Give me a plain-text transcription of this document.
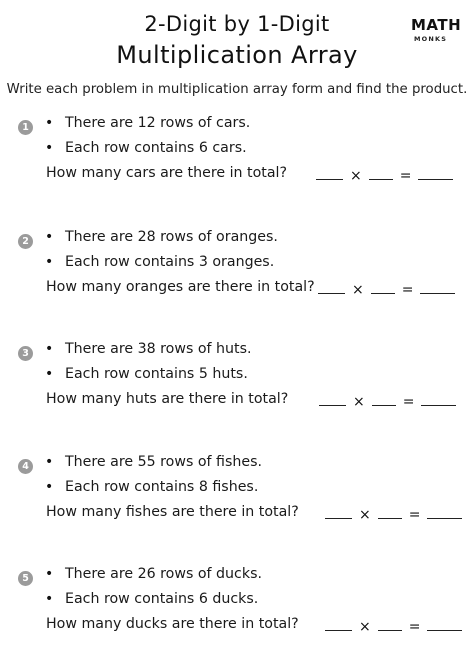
2-Digit by 1-Digit
Multiplication Array
MATH
MONKS
Write each problem in multiplication array form and find the product.
1 • There are 12 rows of cars.
• Each row contains 6 cars.
How many cars are there in total?	×	=
2 • There are 28 rows of oranges.
• Each row contains 3 oranges.
How many oranges are there in total?	×	=
3 • There are 38 rows of huts.
• Each row contains 5 huts.
How many huts are there in total?	×	=
4 • There are 55 rows of fishes.
• Each row contains 8 fishes.
How many fishes are there in total?	×	=
5 • There are 26 rows of ducks.
• Each row contains 6 ducks.
How many ducks are there in total?	×	=
